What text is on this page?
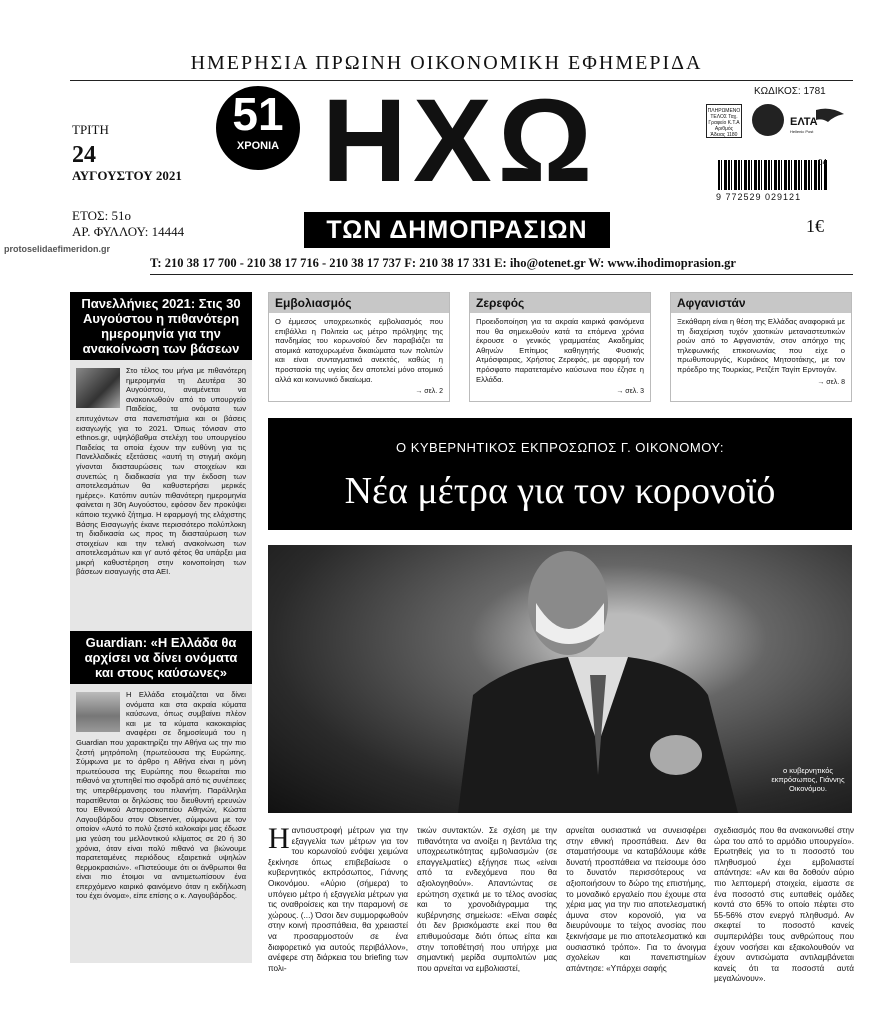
ΗΜΕΡΗΣΙΑ ΠΡΩΙΝΗ ΟΙΚΟΝΟΜΙΚΗ ΕΦΗΜΕΡΙΔΑ
ΤΡΙΤΗ
24
ΑΥΓΟΥΣΤΟΥ 2021
ΕΤΟΣ: 51ο
ΑΡ. ΦΥΛΛΟΥ: 14444
51
ΧΡΟΝΙΑ ΗΧΩ
ΤΩΝ ΔΗΜΟΠΡΑΣΙΩΝ
ΚΩΔΙΚΟΣ: 1781
ΠΛΗΡΩΜΕΝΟ ΤΕΛΟΣ Ταχ. Γραφείο Κ.Τ.Α Αριθμός Άδειας 1180
ΕΛΤΑ
Hellenic Post
04
9 772529 029121
1€
protoselidaefimeridon.gr
T: 210 38 17 700 - 210 38 17 716 - 210 38 17 737 F: 210 38 17 331 E: iho@otenet.gr W: www.ihodimoprasion.gr
Πανελλήνιες 2021: Στις 30 Αυγούστου η πιθανότερη ημερομηνία για την ανακοίνωση των βάσεων
Στο τέλος του μήνα με πιθανότερη ημερομηνία τη Δευτέρα 30 Αυγούστου, αναμένεται να ανακοινωθούν από το υπουργείο Παιδείας, τα ονόματα των επιτυχόντων στα πανεπιστήμια και οι βάσεις εισαγωγής για το 2021. Όπως τόνισαν στο ethnos.gr, υψηλόβαθμα στελέχη του υπουργείου Παιδείας τα οποία έχουν την ευθύνη για τις Πανελλαδικές εξετάσεις «αυτή τη στιγμή ακόμη γίνονται διασταυρώσεις των στοιχείων και συνεπώς η διαδικασία για την έκδοση των αποτελεσμάτων θα καθυστερήσει μερικές ημέρες». Κατόπιν αυτών πιθανότερη ημερομηνία φαίνεται η 30η Αυγούστου, εφόσον δεν προκύψει κάποιο τεχνικό ζήτημα. Η εφαρμογή της ελάχιστης Βάσης Εισαγωγής έκανε περισσότερο πολύπλοκη τη διαδικασία ως προς τη διασταύρωση των στοιχείων και την τελική ανακοίνωση των αποτελεσμάτων και γι' αυτό φέτος θα υπάρξει μια μικρή καθυστέρηση στην κοινοποίηση των βάσεων εισαγωγής στα ΑΕΙ.
Guardian: «Η Ελλάδα θα αρχίσει να δίνει ονόματα και στους καύσωνες»
Η Ελλάδα ετοιμάζεται να δίνει ονόματα και στα ακραία κύματα καύσωνα, όπως συμβαίνει πλέον και με τα κύματα κακοκαιρίας αναφέρει σε δημοσίευμά του η Guardian που χαρακτηρίζει την Αθήνα ως την πιο ζεστή μητρόπολη (πρωτεύουσα της Ευρώπης. Σύμφωνα με το άρθρο η Αθήνα είναι η μόνη πρωτεύουσα της Ευρώπης που θεωρείται πιο πιθανό να χτυπηθεί πιο σφοδρά από τις συνέπειες της υπερθέρμανσης του πλανήτη. Παράλληλα παρατίθενται οι δηλώσεις του διευθυντή ερευνών του Εθνικού Αστεροσκοπείου Αθηνών, Κώστα Λαγουβάρδου στον Observer, σύμφωνα με τον οποίον «Αυτό το πολύ ζεστό καλοκαίρι μας έδωσε μια γεύση του μελλοντικού κλίματος σε 20 ή 30 χρόνια, όταν είναι πολύ πιθανό να βιώνουμε παρατεταμένες περιόδους εξαιρετικά υψηλών θερμοκρασιών». «Πιστεύουμε ότι οι άνθρωποι θα είναι πιο έτοιμοι να αντιμετωπίσουν ένα επερχόμενο καιρικό φαινόμενο όταν η εκδήλωση του έχει όνομα», είπε επίσης ο κ. Λαγουβάρδος.
Εμβολιασμός
Ο έμμεσος υποχρεωτικός εμβολιασμός που επιβάλλει η Πολιτεία ως μέτρο πρόληψης της πανδημίας του κορωνοϊού δεν παραβιάζει τα ατομικά κατοχυρωμένα δικαιώματα των πολιτών και είναι συνταγματικά ανεκτός, καθώς η προστασία της υγείας δεν αποτελεί μόνο ατομικό αλλά και κοινωνικό δικαίωμα.
→ σελ. 2
Ζερεφός
Προειδοποίηση για τα ακραία καιρικά φαινόμενα που θα σημειωθούν κατά τα επόμενα χρόνια έκρουσε ο γενικός γραμματέας Ακαδημίας Αθηνών Επίτιμος καθηγητής Φυσικής Ατμόσφαιρας, Χρήστος Ζερεφός, με αφορμή τον πρόσφατο παρατεταμένο καύσωνα που έζησε η Ελλάδα.
→ σελ. 3
Αφγανιστάν
Ξεκάθαρη είναι η θέση της Ελλάδας αναφορικά με τη διαχείριση τυχόν χαοτικών μεταναστευτικών ροών από το Αφγανιστάν, στον απόηχο της τηλεφωνικής επικοινωνίας που είχε ο πρωθυπουργός, Κυριάκος Μητσοτάκης, με τον πρόεδρο της Τουρκίας, Ρετζέπ Ταγίπ Ερντογάν.
→ σελ. 8
Ο ΚΥΒΕΡΝΗΤΙΚΟΣ ΕΚΠΡΟΣΩΠΟΣ Γ. ΟΙΚΟΝΟΜΟΥ:
Νέα μέτρα για τον κορονοϊό
ο κυβερνητικός εκπρόσωπος, Γιάννης Οικονόμου.
Ηαντισυστροφή μέτρων για την εξαγγελία των μέτρων για τον του κορωνοϊού ενόψει χειμώνα ξεκίνησε όπως επιβεβαίωσε ο κυβερνητικός εκπρόσωπος, Γιάννης Οικονόμου. «Αύριο (σήμερα) το υπόγειο μέτρο ή εξαγγελία μέτρων για τις οναθροίσεις και την παραμονή σε χώρους. (...) Όσοι δεν συμμορφωθούν στην κοινή προσπάθεια, θα χρειαστεί να προσαρμοστούν σε ένα διαφορετικό για αυτούς περιβάλλον», ανέφερε στη διάρκεια του briefing των πολι-
τικών συντακτών. Σε σχέση με την πιθανότητα να ανοίξει η βεντάλια της υποχρεωτικότητας εμβολιασμών (σε επαγγελματίες) εξήγησε πως «είναι από τα ενδεχόμενα που θα αξιολογηθούν». Απαντώντας σε ερώτηση σχετικά με το τέλος ανοσίας και το χρονοδιάγραμμα της κυβέρνησης σημείωσε: «Είναι σαφές ότι δεν βρισκόμαστε εκεί που θα επιθυμούσαμε διότι όπως είπα και στην τοποθέτησή που υπήρχε μια σημαντική μερίδα συμπολιτών μας που αρνείται να εμβολιαστεί,
αρνείται ουσιαστικά να συνεισφέρει στην εθνική προσπάθεια. Δεν θα σταματήσουμε να καταβάλουμε κάθε δυνατή προσπάθεια να πείσουμε όσο το δυνατόν περισσότερους να αξιοποιήσουν το δώρο της επιστήμης, το μοναδικό εργαλείο που έχουμε στα χέρια μας για την πιο αποτελεσματική άμυνα στον κορονοϊό, για να διευρύνουμε το τείχος ανοσίας που ξεκινήσαμε με πιο αποτελεσματικό και ουσιαστικό τρόπο». Για το άνοιγμα σχολείων και πανεπιστημίων απάντησε: «Υπάρχει σαφής
σχεδιασμός που θα ανακοινωθεί στην ώρα του από το αρμόδιο υπουργείο». Ερωτηθείς για το τι ποσοστό του πληθυσμού έχει εμβολιαστεί απάντησε: «Αν και θα δοθούν αύριο πιο λεπτομερή στοιχεία, είμαστε σε ένα ποσοστό στις ευπαθείς ομάδες κοντά στο 65% το οποίο πέφτει στο 55-56% στον ενεργό πληθυσμό. Αν σκεφτεί το ποσοστό κανείς συμπεριλάβει τους ανθρώπους που έχουν νοσήσει και εξακολουθούν να έχουν αντισώματα αντιλαμβάνεται κανείς ότι τα ποσοστά αυτά μεγαλώνουν».
